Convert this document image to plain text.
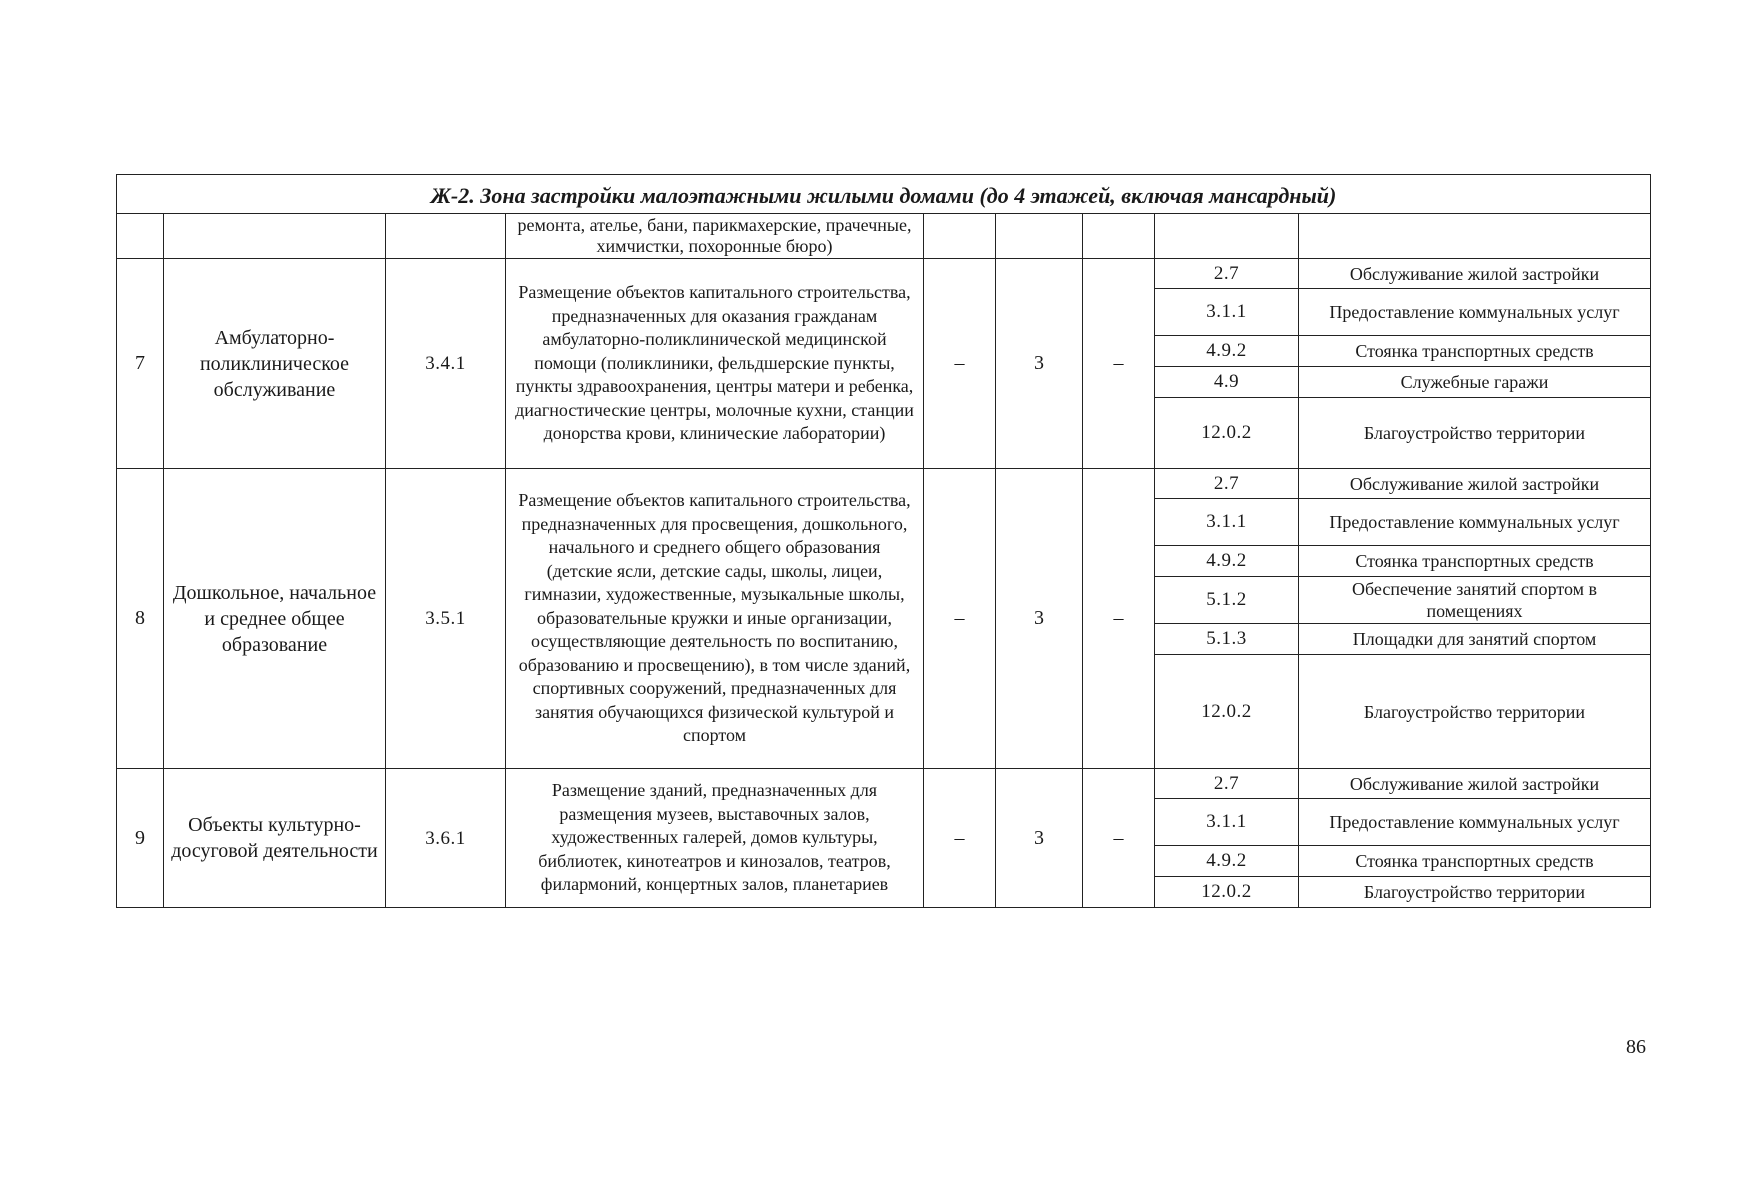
Ж-2. Зона застройки малоэтажными жилыми домами (до 4 этажей, включая мансардный)								
			ремонта, ателье, бани, парикмахерские, прачечные, химчистки, похоронные бюро)					
7	Амбулаторно-поликлиническое обслуживание	3.4.1	Размещение объектов капитального строительства, предназначенных для оказания гражданам амбулаторно-поликлинической медицинской помощи (поликлиники, фельдшерские пункты, пункты здравоохранения, центры матери и ребенка, диагностические центры, молочные кухни, станции донорства крови, клинические лаборатории)	–	3	–	2.7	Обслуживание жилой застройки
							3.1.1	Предоставление коммунальных услуг
							4.9.2	Стоянка транспортных средств
							4.9	Служебные гаражи
							12.0.2	Благоустройство территории
8	Дошкольное, начальное и среднее общее образование	3.5.1	Размещение объектов капитального строительства, предназначенных для просвещения, дошкольного, начального и среднего общего образования (детские ясли, детские сады, школы, лицеи, гимназии, художественные, музыкальные школы, образовательные кружки и иные организации, осуществляющие деятельность по воспитанию, образованию и просвещению), в том числе зданий, спортивных сооружений, предназначенных для занятия обучающихся физической культурой и спортом	–	3	–	2.7	Обслуживание жилой застройки
							3.1.1	Предоставление коммунальных услуг
							4.9.2	Стоянка транспортных средств
							5.1.2	Обеспечение занятий спортом в помещениях
							5.1.3	Площадки для занятий спортом
							12.0.2	Благоустройство территории
9	Объекты культурно-досуговой деятельности	3.6.1	Размещение зданий, предназначенных для размещения музеев, выставочных залов, художественных галерей, домов культуры, библиотек, кинотеатров и кинозалов, театров, филармоний, концертных залов, планетариев	–	3	–	2.7	Обслуживание жилой застройки
							3.1.1	Предоставление коммунальных услуг
							4.9.2	Стоянка транспортных средств
							12.0.2	Благоустройство территории
86
